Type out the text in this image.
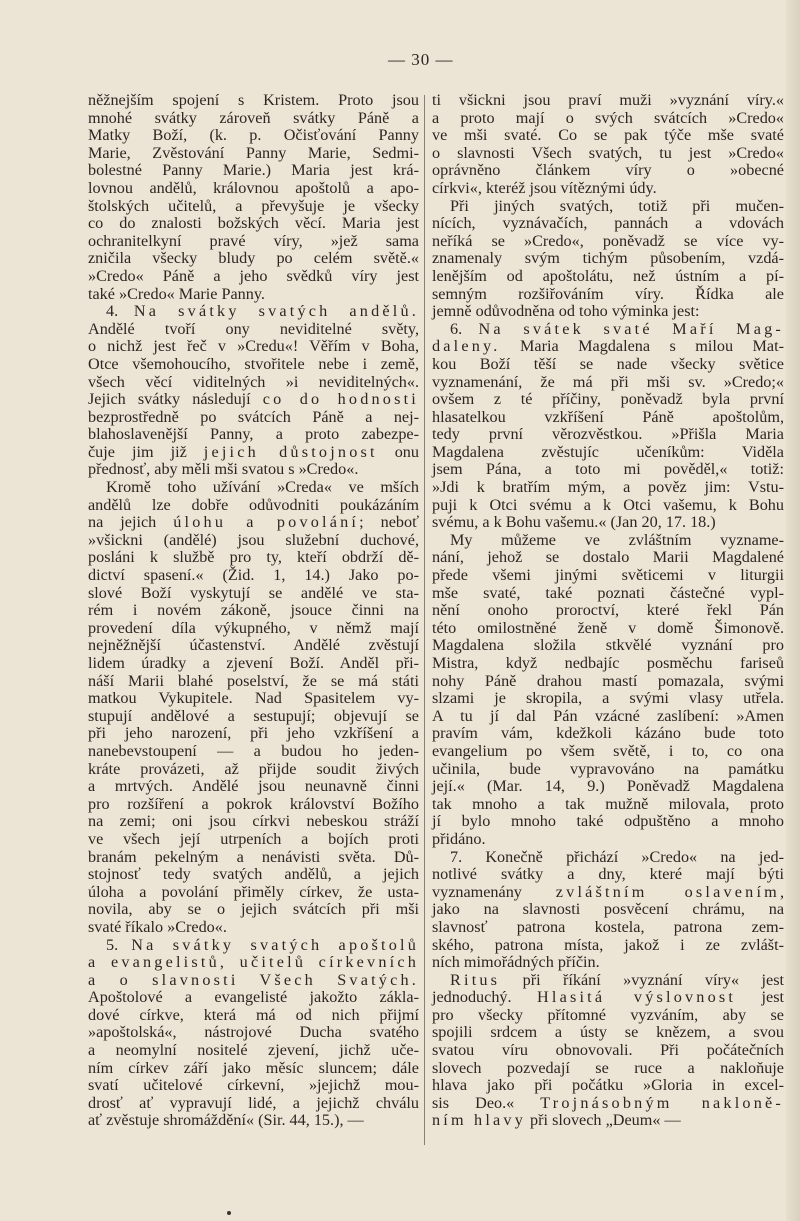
— 30 —
něžnejším spojení s Kristem. Proto jsou
mnohé svátky zároveň svátky Páně a
Matky Boží, (k. p. Očisťování Panny
Marie, Zvěstování Panny Marie, Sedmi-
bolestné Panny Marie.) Maria jest krá-
lovnou andělů, královnou apoštolů a apo-
štolských učitelů, a převyšuje je všecky
co do znalosti božských věcí. Maria jest
ochranitelkyní pravé víry, »jež sama
zničila všecky bludy po celém světě.«
»Credo« Páně a jeho svědků víry jest
také »Credo« Marie Panny.
4. Na svátky svatých andělů.
Andělé tvoří ony neviditelné světy,
o nichž jest řeč v »Credu«! Věřím v Boha,
Otce všemohoucího, stvořitele nebe i země,
všech věcí viditelných »i neviditelných«.
Jejich svátky následují co do hodnosti
bezprostředně po svátcích Páně a nej-
blahoslavenější Panny, a proto zabezpe-
čuje jim již jejich důstojnost onu
přednosť, aby měli mši svatou s »Credo«.
Kromě toho užívání »Creda« ve mších
andělů lze dobře odůvodniti poukázáním
na jejich úlohu a povolání; neboť
»všickni (andělé) jsou služební duchové,
posláni k službě pro ty, kteří obdrží dě-
dictví spasení.« (Žid. 1, 14.) Jako po-
slové Boží vyskytují se andělé ve sta-
rém i novém zákoně, jsouce činni na
provedení díla výkupného, v němž mají
nejněžnější účastenství. Andělé zvěstují
lidem úradky a zjevení Boží. Anděl při-
náší Marii blahé poselství, že se má státi
matkou Vykupitele. Nad Spasitelem vy-
stupují andělové a sestupují; objevují se
při jeho narození, při jeho vzkříšení a
nanebevstoupení — a budou ho jeden-
kráte provázeti, až přijde soudit živých
a mrtvých. Andělé jsou neunavně činni
pro rozšíření a pokrok království Božího
na zemi; oni jsou církvi nebeskou stráží
ve všech její utrpeních a bojích proti
branám pekelným a nenávisti světa. Dů-
stojnosť tedy svatých andělů, a jejich
úloha a povolání přiměly církev, že usta-
novila, aby se o jejich svátcích při mši
svaté říkalo »Credo«.
5. Na svátky svatých apoštolů
a evangelistů, učitelů církevních
a o slavnosti Všech Svatých.
Apoštolové a evangelisté jakožto zákla-
dové církve, která má od nich přijmí
»apoštolská«, nástrojové Ducha svatého
a neomylní nositelé zjevení, jichž uče-
ním církev září jako měsíc sluncem; dále
svatí učitelové církevní, »jejichž mou-
drosť ať vypravují lidé, a jejichž chválu
ať zvěstuje shromáždění« (Sir. 44, 15.), —
ti všickni jsou praví muži »vyznání víry.«
a proto mají o svých svátcích »Credo«
ve mši svaté. Co se pak týče mše svaté
o slavnosti Všech svatých, tu jest »Credo«
oprávněno článkem víry o »obecné
církvi«, kteréž jsou vítěznými údy.
Při jiných svatých, totiž při mučen-
nících, vyznávačích, pannách a vdovách
neříká se »Credo«, poněvadž se více vy-
znamenaly svým tichým působením, vzdá-
lenějším od apoštolátu, než ústním a pí-
semným rozšiřováním víry. Řídka ale
jemně odůvodněna od toho výminka jest:
6. Na svátek svaté Maří Mag-
daleny. Maria Magdalena s milou Mat-
kou Boží těší se nade všecky světice
vyznamenání, že má při mši sv. »Credo;«
ovšem z té příčiny, poněvadž byla první
hlasatelkou vzkříšení Páně apoštolům,
tedy první věrozvěstkou. »Přišla Maria
Magdalena zvěstujíc učeníkům: Viděla
jsem Pána, a toto mi pověděl,« totiž:
»Jdi k bratřím mým, a pověz jim: Vstu-
puji k Otci svému a k Otci vašemu, k Bohu
svému, a k Bohu vašemu.« (Jan 20, 17. 18.)
My můžeme ve zvláštním vyzname-
nání, jehož se dostalo Marii Magdalené
přede všemi jinými světicemi v liturgii
mše svaté, také poznati částečné vypl-
nění onoho proroctví, které řekl Pán
této omilostněné ženě v domě Šimonově.
Magdalena složila stkvělé vyznání pro
Mistra, když nedbajíc posměchu fariseů
nohy Páně drahou mastí pomazala, svými
slzami je skropila, a svými vlasy utřela.
A tu jí dal Pán vzácné zaslíbení: »Amen
pravím vám, kdežkoli kázáno bude toto
evangelium po všem světě, i to, co ona
učinila, bude vypravováno na památku
její.« (Mar. 14, 9.) Poněvadž Magdalena
tak mnoho a tak mužně milovala, proto
jí bylo mnoho také odpuštěno a mnoho
přidáno.
7. Konečně přichází »Credo« na jed-
notlivé svátky a dny, které mají býti
vyznamenány zvláštním oslavením,
jako na slavnosti posvěcení chrámu, na
slavnosť patrona kostela, patrona zem-
ského, patrona místa, jakož i ze zvlášt-
ních mimořádných příčin.
Ritus při říkání »vyznání víry« jest
jednoduchý. Hlasitá výslovnost jest
pro všecky přítomné vyzváním, aby se
spojili srdcem a ústy se knězem, a svou
svatou víru obnovovali. Při počátečních
slovech pozvedají se ruce a nakloňuje
hlava jako při počátku »Gloria in excel-
sis Deo.« Trojnásobným nakloně-
ním hlavy při slovech „Deum« —
